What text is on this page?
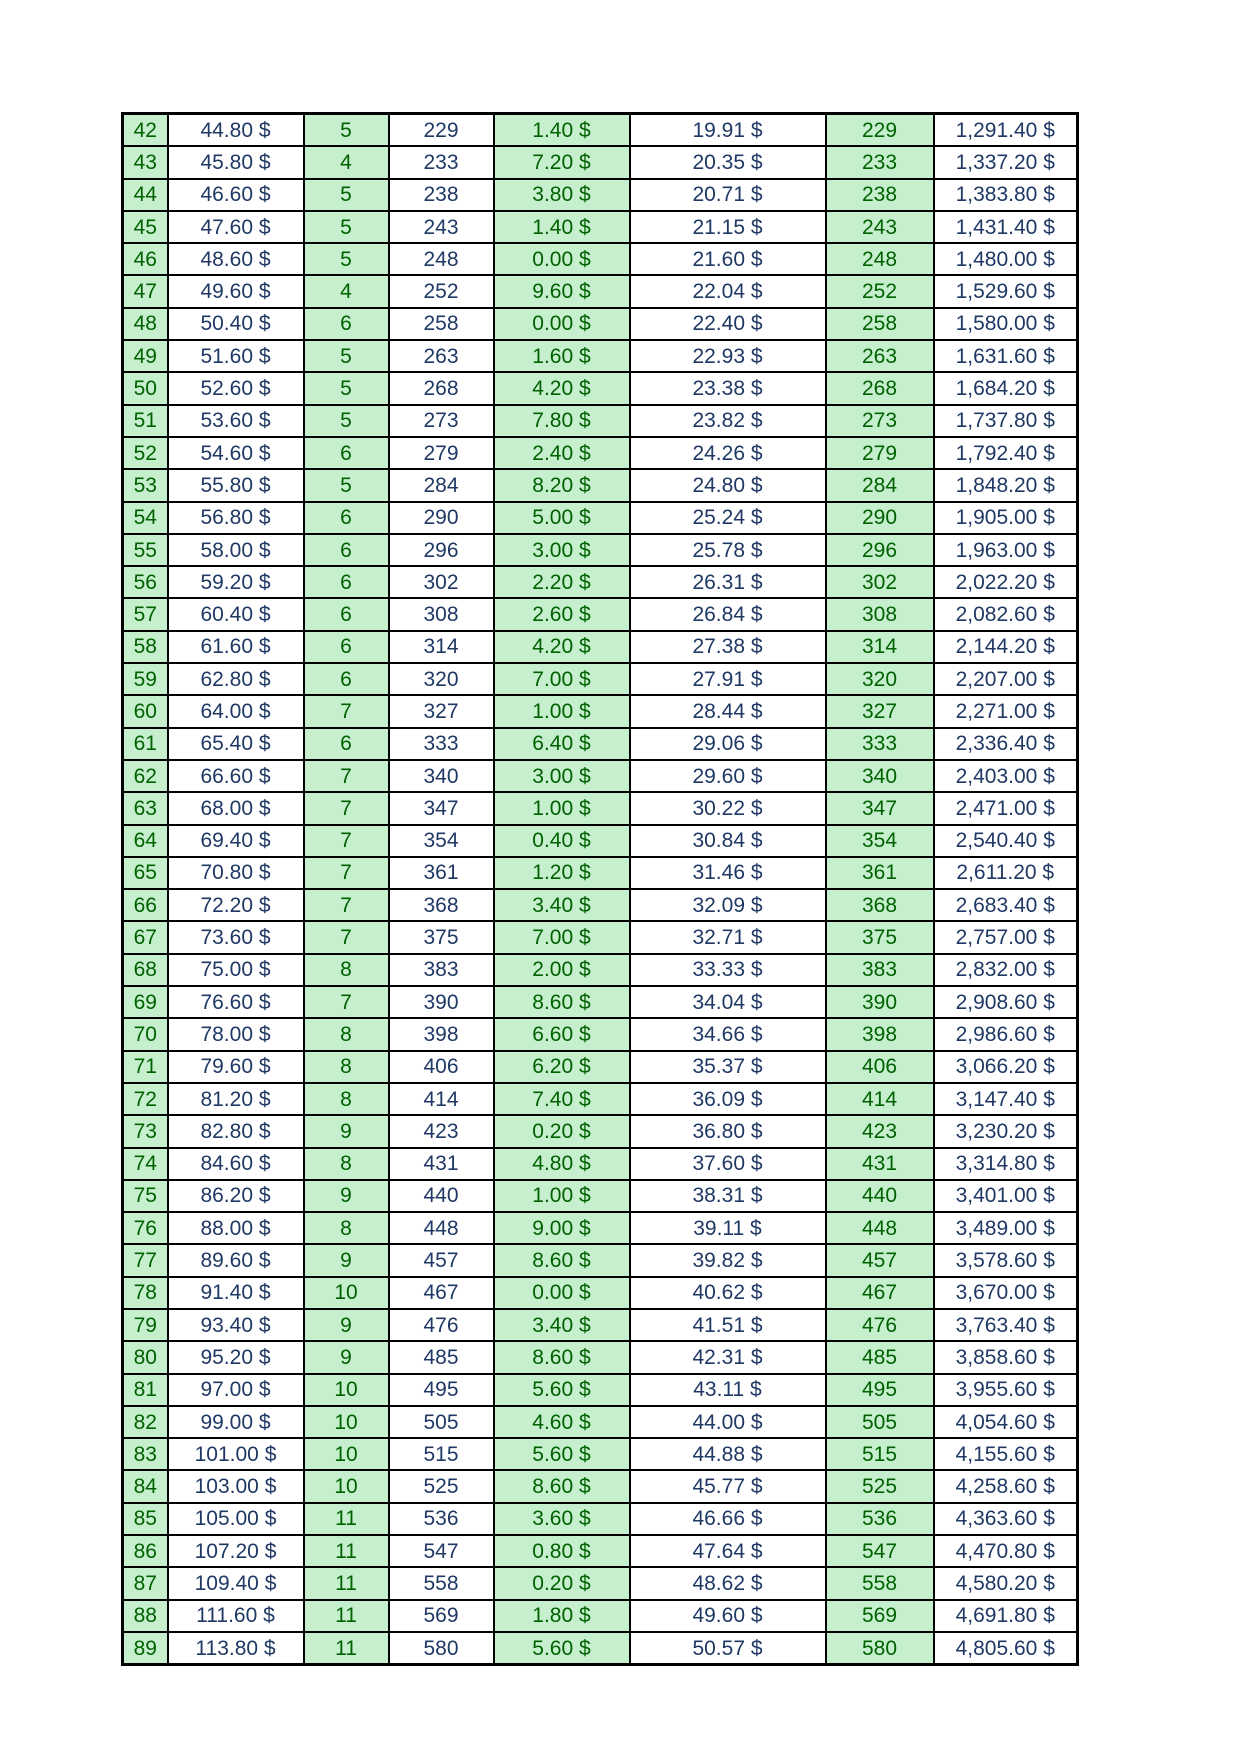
42	44.80 $	5	229	1.40 $	19.91 $	229	1,291.40 $
43	45.80 $	4	233	7.20 $	20.35 $	233	1,337.20 $
44	46.60 $	5	238	3.80 $	20.71 $	238	1,383.80 $
45	47.60 $	5	243	1.40 $	21.15 $	243	1,431.40 $
46	48.60 $	5	248	0.00 $	21.60 $	248	1,480.00 $
47	49.60 $	4	252	9.60 $	22.04 $	252	1,529.60 $
48	50.40 $	6	258	0.00 $	22.40 $	258	1,580.00 $
49	51.60 $	5	263	1.60 $	22.93 $	263	1,631.60 $
50	52.60 $	5	268	4.20 $	23.38 $	268	1,684.20 $
51	53.60 $	5	273	7.80 $	23.82 $	273	1,737.80 $
52	54.60 $	6	279	2.40 $	24.26 $	279	1,792.40 $
53	55.80 $	5	284	8.20 $	24.80 $	284	1,848.20 $
54	56.80 $	6	290	5.00 $	25.24 $	290	1,905.00 $
55	58.00 $	6	296	3.00 $	25.78 $	296	1,963.00 $
56	59.20 $	6	302	2.20 $	26.31 $	302	2,022.20 $
57	60.40 $	6	308	2.60 $	26.84 $	308	2,082.60 $
58	61.60 $	6	314	4.20 $	27.38 $	314	2,144.20 $
59	62.80 $	6	320	7.00 $	27.91 $	320	2,207.00 $
60	64.00 $	7	327	1.00 $	28.44 $	327	2,271.00 $
61	65.40 $	6	333	6.40 $	29.06 $	333	2,336.40 $
62	66.60 $	7	340	3.00 $	29.60 $	340	2,403.00 $
63	68.00 $	7	347	1.00 $	30.22 $	347	2,471.00 $
64	69.40 $	7	354	0.40 $	30.84 $	354	2,540.40 $
65	70.80 $	7	361	1.20 $	31.46 $	361	2,611.20 $
66	72.20 $	7	368	3.40 $	32.09 $	368	2,683.40 $
67	73.60 $	7	375	7.00 $	32.71 $	375	2,757.00 $
68	75.00 $	8	383	2.00 $	33.33 $	383	2,832.00 $
69	76.60 $	7	390	8.60 $	34.04 $	390	2,908.60 $
70	78.00 $	8	398	6.60 $	34.66 $	398	2,986.60 $
71	79.60 $	8	406	6.20 $	35.37 $	406	3,066.20 $
72	81.20 $	8	414	7.40 $	36.09 $	414	3,147.40 $
73	82.80 $	9	423	0.20 $	36.80 $	423	3,230.20 $
74	84.60 $	8	431	4.80 $	37.60 $	431	3,314.80 $
75	86.20 $	9	440	1.00 $	38.31 $	440	3,401.00 $
76	88.00 $	8	448	9.00 $	39.11 $	448	3,489.00 $
77	89.60 $	9	457	8.60 $	39.82 $	457	3,578.60 $
78	91.40 $	10	467	0.00 $	40.62 $	467	3,670.00 $
79	93.40 $	9	476	3.40 $	41.51 $	476	3,763.40 $
80	95.20 $	9	485	8.60 $	42.31 $	485	3,858.60 $
81	97.00 $	10	495	5.60 $	43.11 $	495	3,955.60 $
82	99.00 $	10	505	4.60 $	44.00 $	505	4,054.60 $
83	101.00 $	10	515	5.60 $	44.88 $	515	4,155.60 $
84	103.00 $	10	525	8.60 $	45.77 $	525	4,258.60 $
85	105.00 $	11	536	3.60 $	46.66 $	536	4,363.60 $
86	107.20 $	11	547	0.80 $	47.64 $	547	4,470.80 $
87	109.40 $	11	558	0.20 $	48.62 $	558	4,580.20 $
88	111.60 $	11	569	1.80 $	49.60 $	569	4,691.80 $
89	113.80 $	11	580	5.60 $	50.57 $	580	4,805.60 $
